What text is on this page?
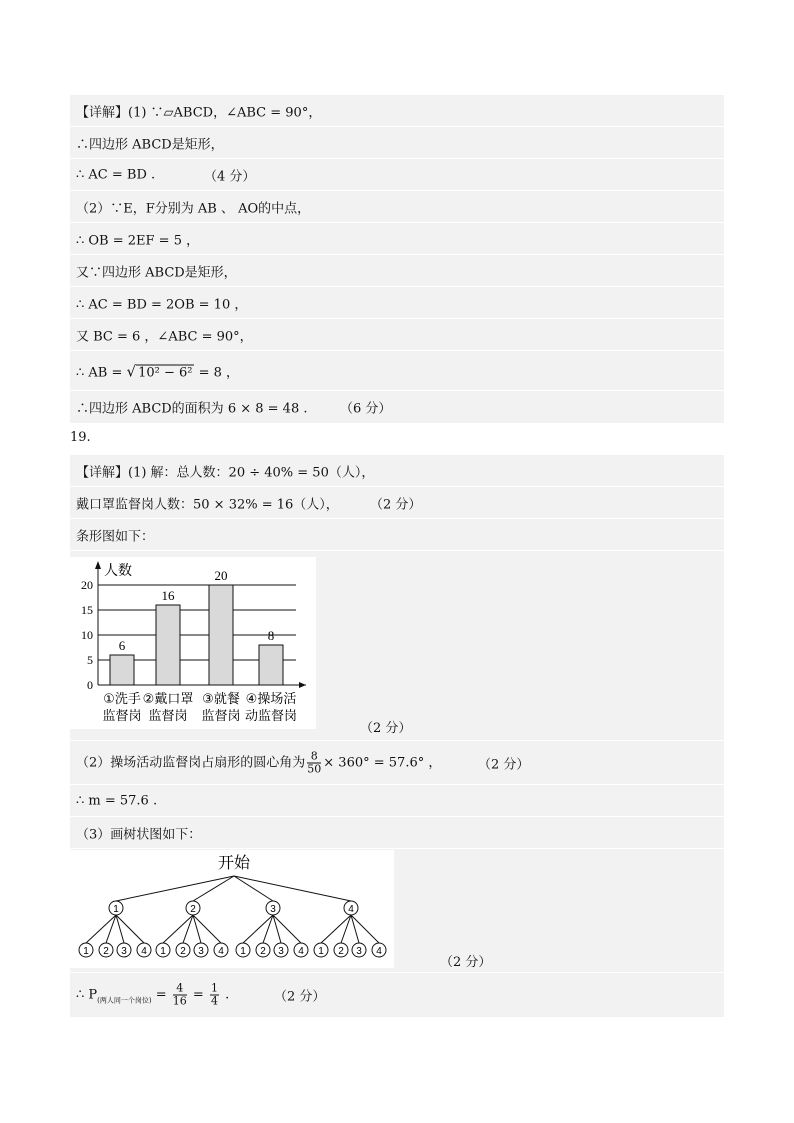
【详解】(1) ∵▱ABCD，∠ABC = 90°，
∴四边形 ABCD是矩形，
∴ AC = BD .	（4 分）
（2）∵E，F分别为 AB 、 AO的中点，
∴ OB = 2EF = 5 ，
又∵四边形 ABCD是矩形，
∴ AC = BD = 2OB = 10 ，
又 BC = 6 ，∠ABC = 90°，
∴ AB = √ 10² − 6² = 8 ，
∴四边形 ABCD的面积为 6 × 8 = 48 .	（6 分）
19.
【详解】(1) 解：总人数：20 ÷ 40% = 50（人），
戴口罩监督岗人数：50 × 32% = 16（人）， （2 分）
条形图如下：
（2 分）
（2）操场活动监督岗占扇形的圆心角为 $\frac{8}{50} \times 360^\circ = 57.6^\circ$ ，	（2 分）
∴ m = 57.6 .
（3）画树状图如下：
（2 分）
∴ $P_{(两人同一个岗位)} = \frac{4}{16} = \frac{1}{4}$ .	（2 分）
0
5
10
15
20
人数
6
①洗手
监督岗
16
②戴口罩
监督岗
20
③就餐
监督岗
8
④操场活
动监督岗
开始
1
1 2 3 4
2
1 2 3 4
3
1 2 3 4
4
1 2 3 4
